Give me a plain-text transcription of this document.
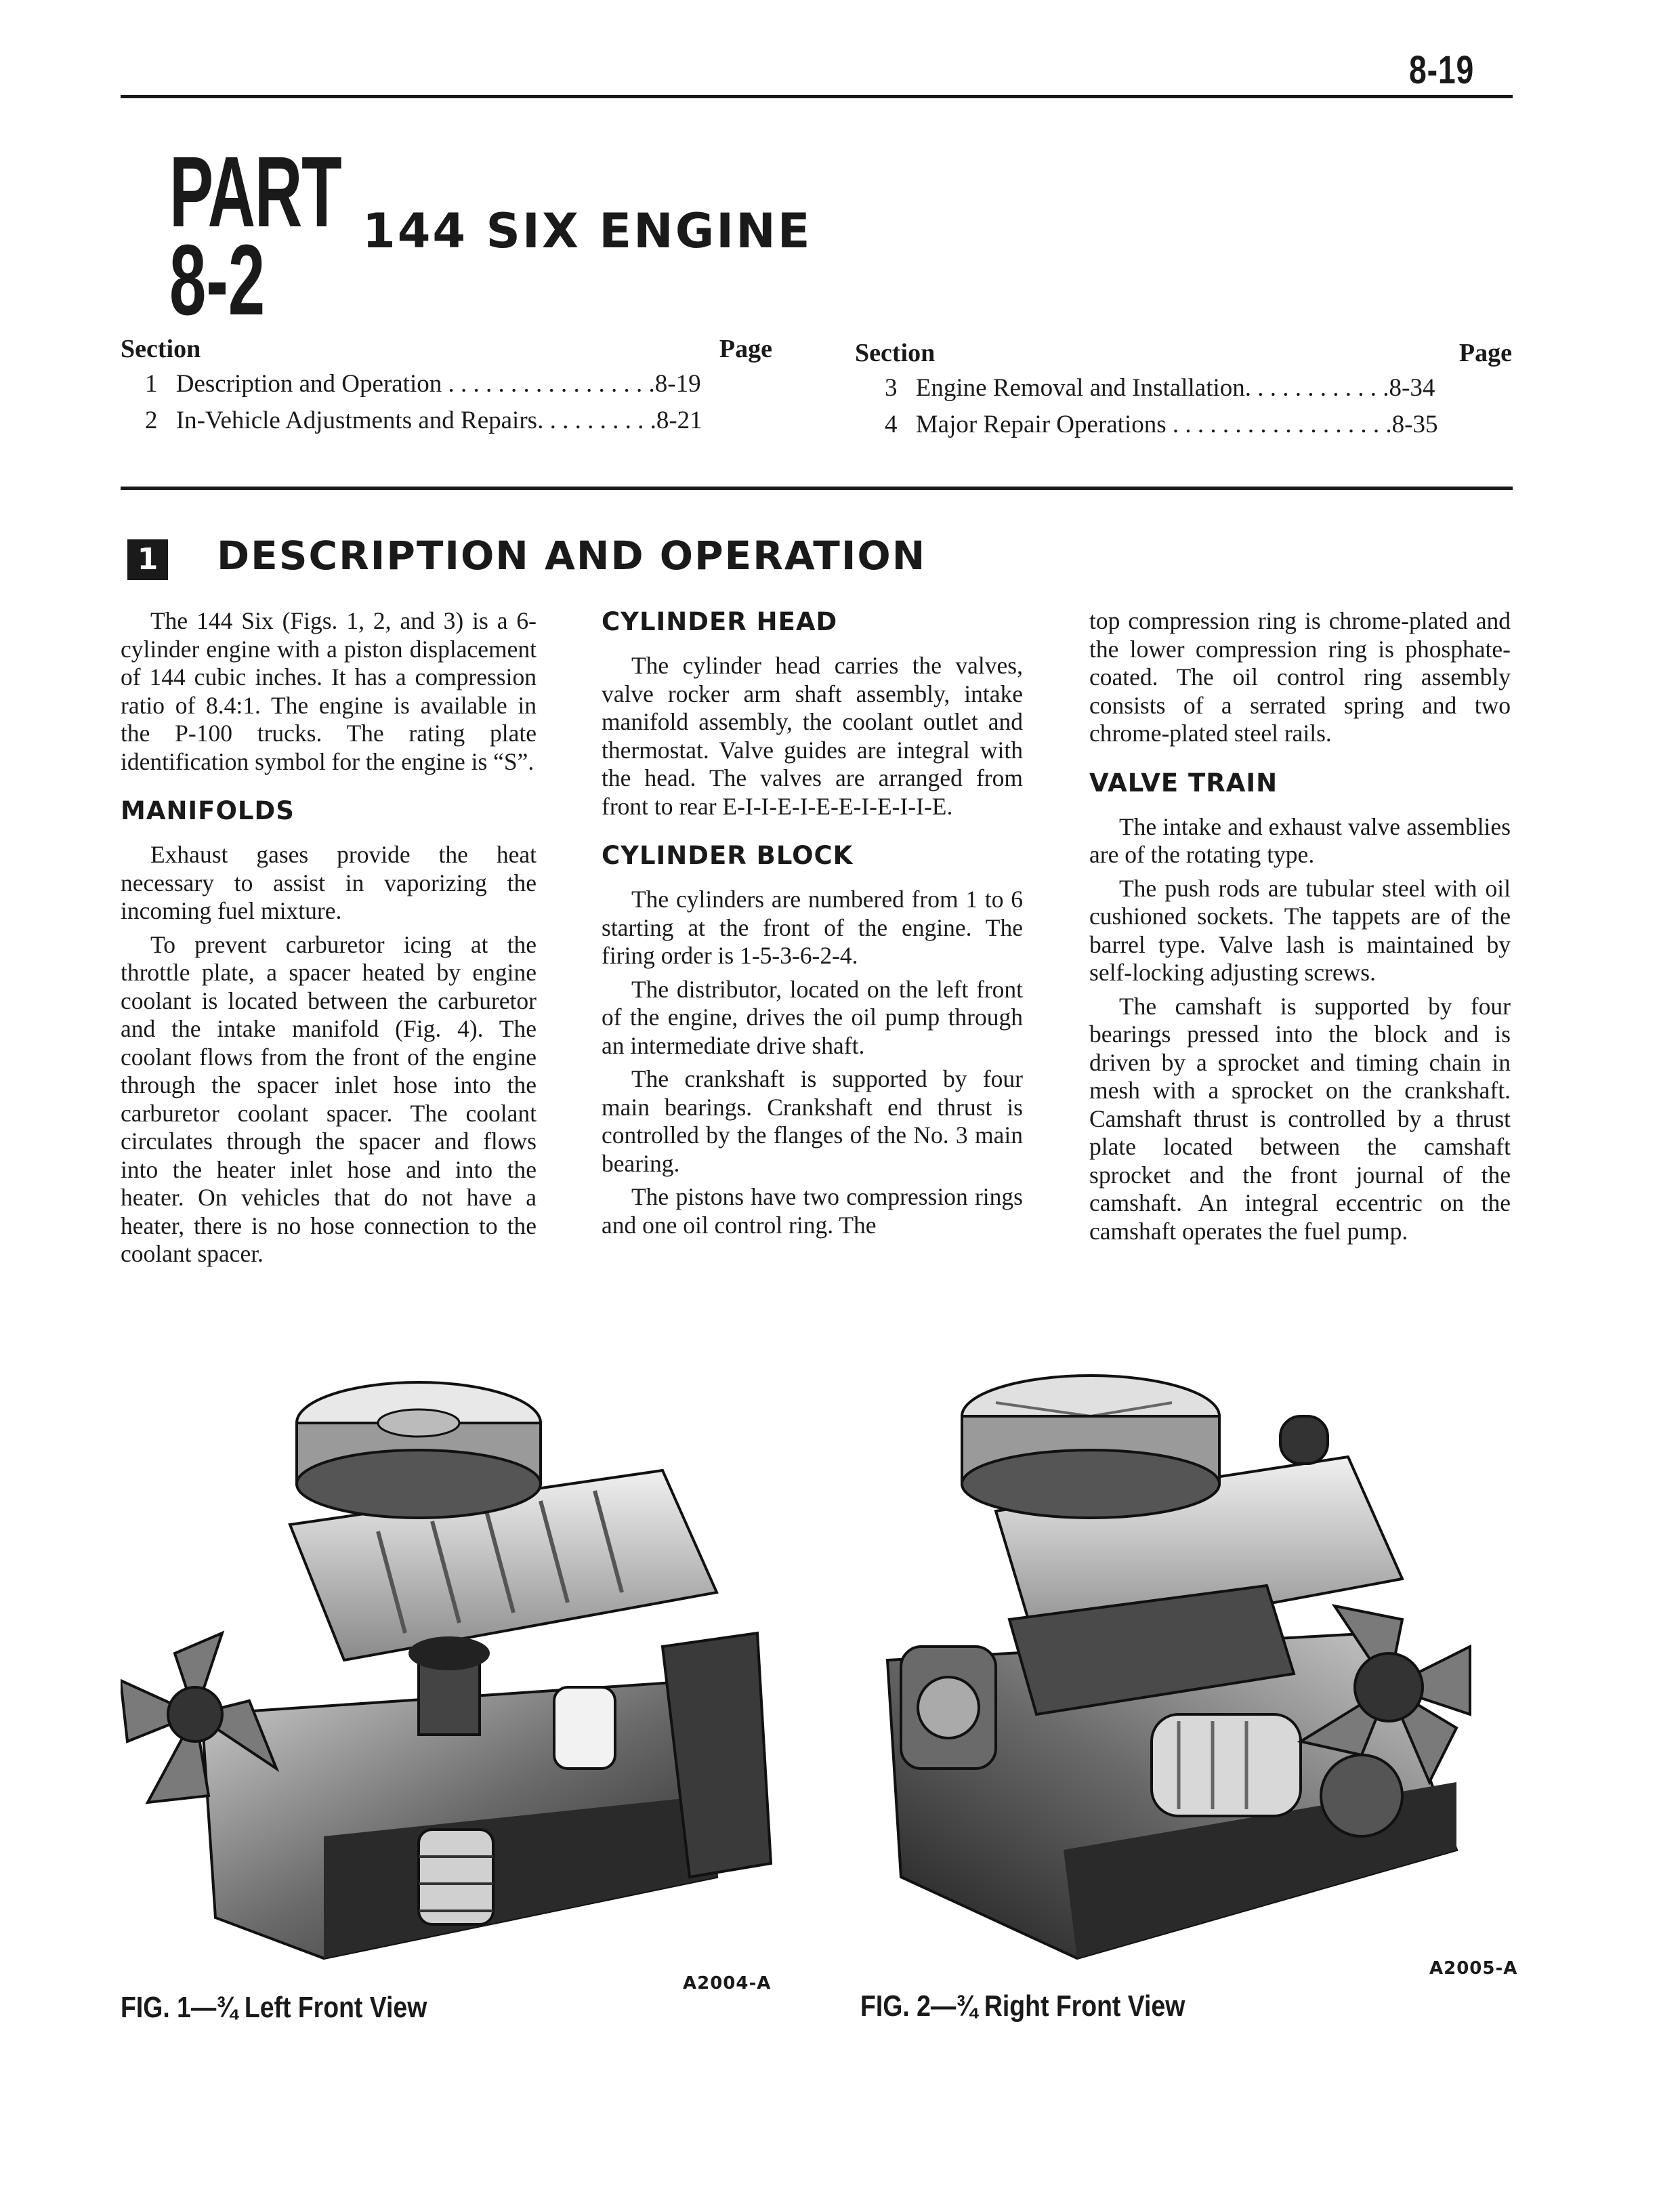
8-19
PART
8-2 144 SIX ENGINE
Section	Page
1 Description and Operation . . . . . . . . . . . . . . . . .8-19
2 In-Vehicle Adjustments and Repairs. . . . . . . . . .8-21
Section	Page
3 Engine Removal and Installation. . . . . . . . . . . .8-34
4 Major Repair Operations . . . . . . . . . . . . . . . . . .8-35
1 DESCRIPTION AND OPERATION

The 144 Six (Figs. 1, 2, and 3) is a 6-cylinder engine with a piston displacement of 144 cubic inches. It has a compression ratio of 8.4:1. The engine is available in the P-100 trucks. The rating plate identification symbol for the engine is “S”.

MANIFOLDS

Exhaust gases provide the heat necessary to assist in vaporizing the incoming fuel mixture.

To prevent carburetor icing at the throttle plate, a spacer heated by engine coolant is located between the carburetor and the intake manifold (Fig. 4). The coolant flows from the front of the engine through the spacer inlet hose into the carburetor coolant spacer. The coolant circulates through the spacer and flows into the heater inlet hose and into the heater. On vehicles that do not have a heater, there is no hose connection to the coolant spacer.

CYLINDER HEAD

The cylinder head carries the valves, valve rocker arm shaft assembly, intake manifold assembly, the coolant outlet and thermostat. Valve guides are integral with the head. The valves are arranged from front to rear E-I-I-E-I-E-E-I-E-I-I-E.

CYLINDER BLOCK

The cylinders are numbered from 1 to 6 starting at the front of the engine. The firing order is 1-5-3-6-2-4.

The distributor, located on the left front of the engine, drives the oil pump through an intermediate drive shaft.

The crankshaft is supported by four main bearings. Crankshaft end thrust is controlled by the flanges of the No. 3 main bearing.

The pistons have two compression rings and one oil control ring. The

top compression ring is chrome-plated and the lower compression ring is phosphate-coated. The oil control ring assembly consists of a serrated spring and two chrome-plated steel rails.

VALVE TRAIN

The intake and exhaust valve assemblies are of the rotating type.

The push rods are tubular steel with oil cushioned sockets. The tappets are of the barrel type. Valve lash is maintained by self-locking adjusting screws.

The camshaft is supported by four bearings pressed into the block and is driven by a sprocket and timing chain in mesh with a sprocket on the crankshaft. Camshaft thrust is controlled by a thrust plate located between the camshaft sprocket and the front journal of the camshaft. An integral eccentric on the camshaft operates the fuel pump.

A2004-A
FIG. 1—¾ Left Front View
A2005-A
FIG. 2—¾ Right Front View
